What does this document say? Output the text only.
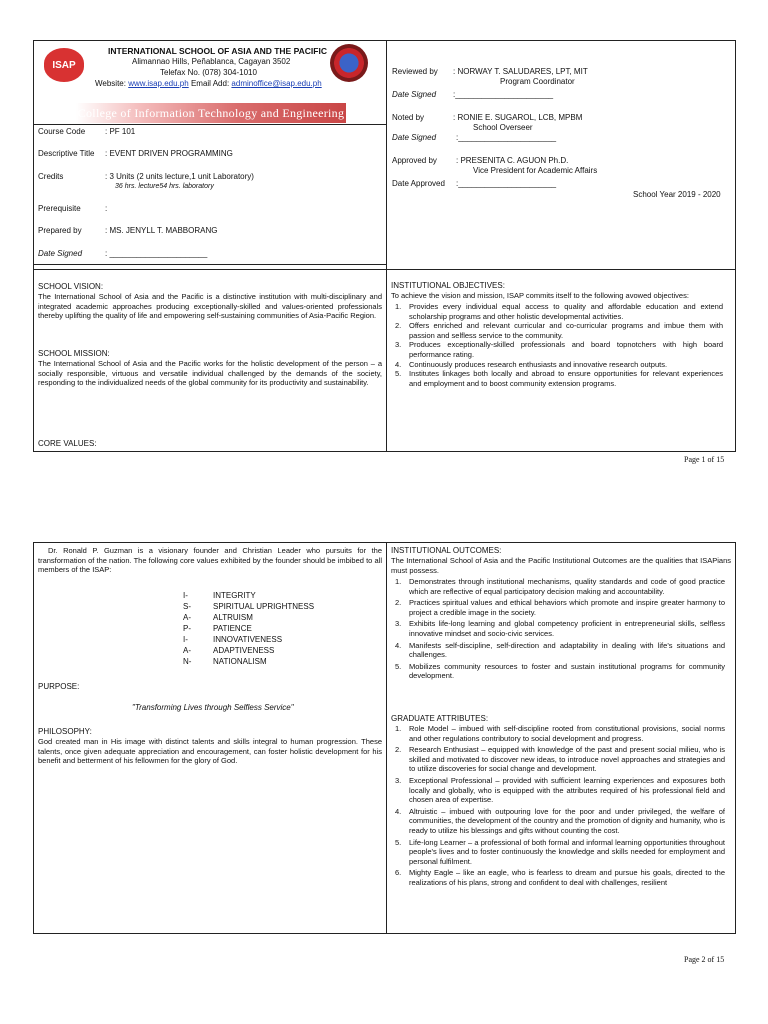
ISAP
INTERNATIONAL SCHOOL OF ASIA AND THE PACIFIC
Alimannao Hills, Peñablanca, Cagayan 3502
Telefax No. (078) 304-1010
Website: www.isap.edu.ph Email Add: adminoffice@isap.edu.ph
College of Information Technology and Engineering
Course Code : PF 101
Descriptive Title : EVENT DRIVEN PROGRAMMING
Credits	: 3 Units (2 units lecture,1 unit Laboratory)
36 hrs. lecture54 hrs. laboratory
Prerequisite	:
Prepared by	: MS. JENYLL T. MABBORANG
Date Signed	: ______________________
Reviewed by : NORWAY T. SALUDARES, LPT, MIT
Program Coordinator
Date Signed :______________________
Noted by	: RONIE E. SUGAROL, LCB, MPBM
School Overseer
Date Signed :______________________
Approved by : PRESENITA C. AGUON Ph.D.
Vice President for Academic Affairs
Date Approved :______________________
School Year 2019 - 2020
SCHOOL VISION:
The International School of Asia and the Pacific is a distinctive institution with multi-disciplinary and integrated academic approaches producing exceptionally-skilled and values-oriented professionals thereby uplifting the quality of life and empowering self-sustaining communities of Asia-Pacific Region.
SCHOOL MISSION:
The International School of Asia and the Pacific works for the holistic development of the person – a socially responsible, virtuous and versatile individual challenged by the demands of the society, responding to the individualized needs of the global community for its productivity and sustainability.
CORE VALUES:
INSTITUTIONAL OBJECTIVES:
To achieve the vision and mission, ISAP commits itself to the following avowed objectives:
1. Provides every individual equal access to quality and affordable education and extend scholarship programs and other holistic developmental activities.
2. Offers enriched and relevant curricular and co-curricular programs and imbue them with passion and selfless service to the community.
3. Produces exceptionally-skilled professionals and board topnotchers with high board performance rating.
4. Continuously produces research enthusiasts and innovative research outputs.
5. Institutes linkages both locally and abroad to ensure opportunities for relevant experiences and employment and to boost community extension programs.
Page 1 of 15
Dr. Ronald P. Guzman is a visionary founder and Christian Leader who pursuits for the transformation of the nation. The following core values exhibited by the founder should be imbibed to all members of the ISAP:
I-	INTEGRITY
S-	SPIRITUAL UPRIGHTNESS
A-	ALTRUISM
P-	PATIENCE
I-	INNOVATIVENESS
A-	ADAPTIVENESS
N-	NATIONALISM
PURPOSE:
"Transforming Lives through Selfless Service"
PHILOSOPHY:
God created man in His image with distinct talents and skills integral to human progression. These talents, once given adequate appreciation and encouragement, can foster holistic development for his benefit and betterment of his fellowmen for the glory of God.
INSTITUTIONAL OUTCOMES:
The International School of Asia and the Pacific Institutional Outcomes are the qualities that ISAPians must possess.
1. Demonstrates through institutional mechanisms, quality standards and code of good practice which are reflective of equal participatory decision making and accountability.
2. Practices spiritual values and ethical behaviors which promote and inspire greater harmony to project a credible image in the society.
3. Exhibits life-long learning and global competency proficient in entrepreneurial skills, selfless innovative mindset and socio-civic services.
4. Manifests self-discipline, self-direction and adaptability in dealing with life's situations and challenges.
5. Mobilizes community resources to foster and sustain institutional programs for community development.
GRADUATE ATTRIBUTES:
1. Role Model – imbued with self-discipline rooted from constitutional provisions, social norms and other regulations contributory to social development and progress.
2. Research Enthusiast – equipped with knowledge of the past and present social milieu, who is skilled and motivated to discover new ideas, to introduce novel approaches and strategies and to utilize discoveries for social change and development.
3. Exceptional Professional – provided with sufficient learning experiences and exposures both locally and globally, who is equipped with the attributes required of his professional field and chosen area of expertise.
4. Altruistic – imbued with outpouring love for the poor and under privileged, the welfare of communities, the development of the country and the promotion of dignity and humanity, who is ready to utilize his blessings and gifts without counting the cost.
5. Life-long Learner – a professional of both formal and informal learning opportunities throughout people's lives and to foster continuously the knowledge and skills needed for employment and personal fulfilment.
6. Mighty Eagle – like an eagle, who is fearless to dream and pursue his goals, directed to the realizations of his plans, strong and confident to deal with challenges, resilient
Page 2 of 15
